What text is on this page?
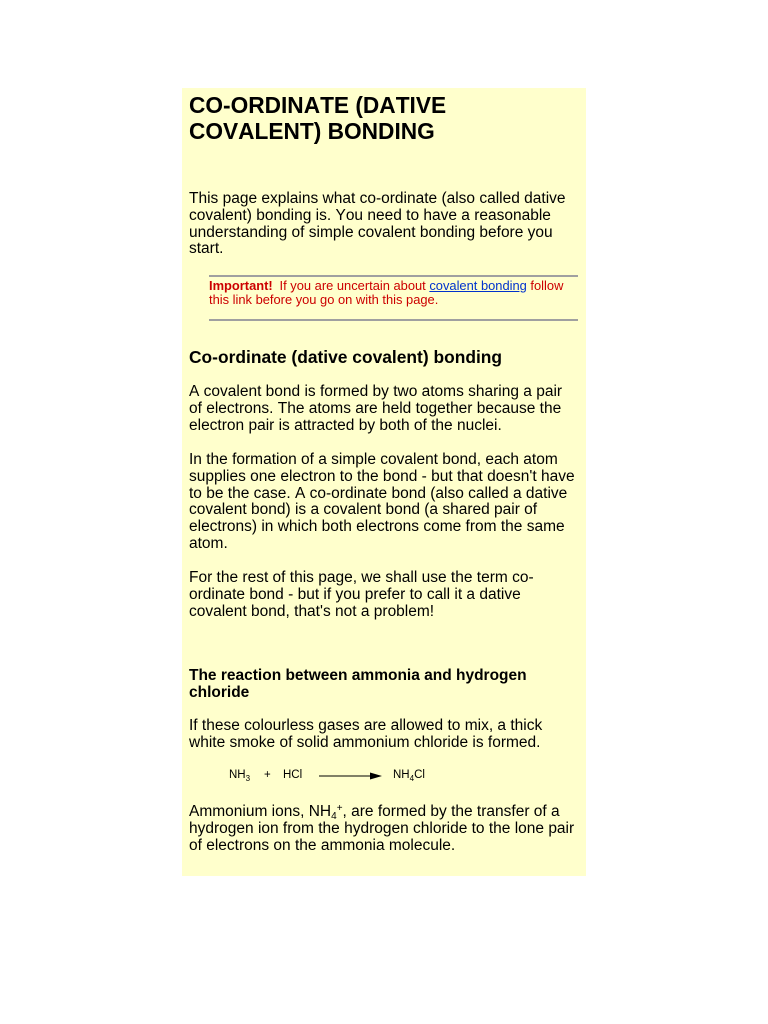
CO-ORDINATE (DATIVE COVALENT) BONDING

This page explains what co-ordinate (also called dative covalent) bonding is. You need to have a reasonable understanding of simple covalent bonding before you start.

Important! If you are uncertain about covalent bonding follow this link before you go on with this page.

Co-ordinate (dative covalent) bonding

A covalent bond is formed by two atoms sharing a pair of electrons. The atoms are held together because the electron pair is attracted by both of the nuclei.

In the formation of a simple covalent bond, each atom supplies one electron to the bond - but that doesn't have to be the case. A co-ordinate bond (also called a dative covalent bond) is a covalent bond (a shared pair of electrons) in which both electrons come from the same atom.

For the rest of this page, we shall use the term co-ordinate bond - but if you prefer to call it a dative covalent bond, that's not a problem!

The reaction between ammonia and hydrogen chloride

If these colourless gases are allowed to mix, a thick white smoke of solid ammonium chloride is formed.

$NH_3$ + HCl	$NH_4Cl$

Ammonium ions, $NH_4^+$, are formed by the transfer of a hydrogen ion from the hydrogen chloride to the lone pair of electrons on the ammonia molecule.
